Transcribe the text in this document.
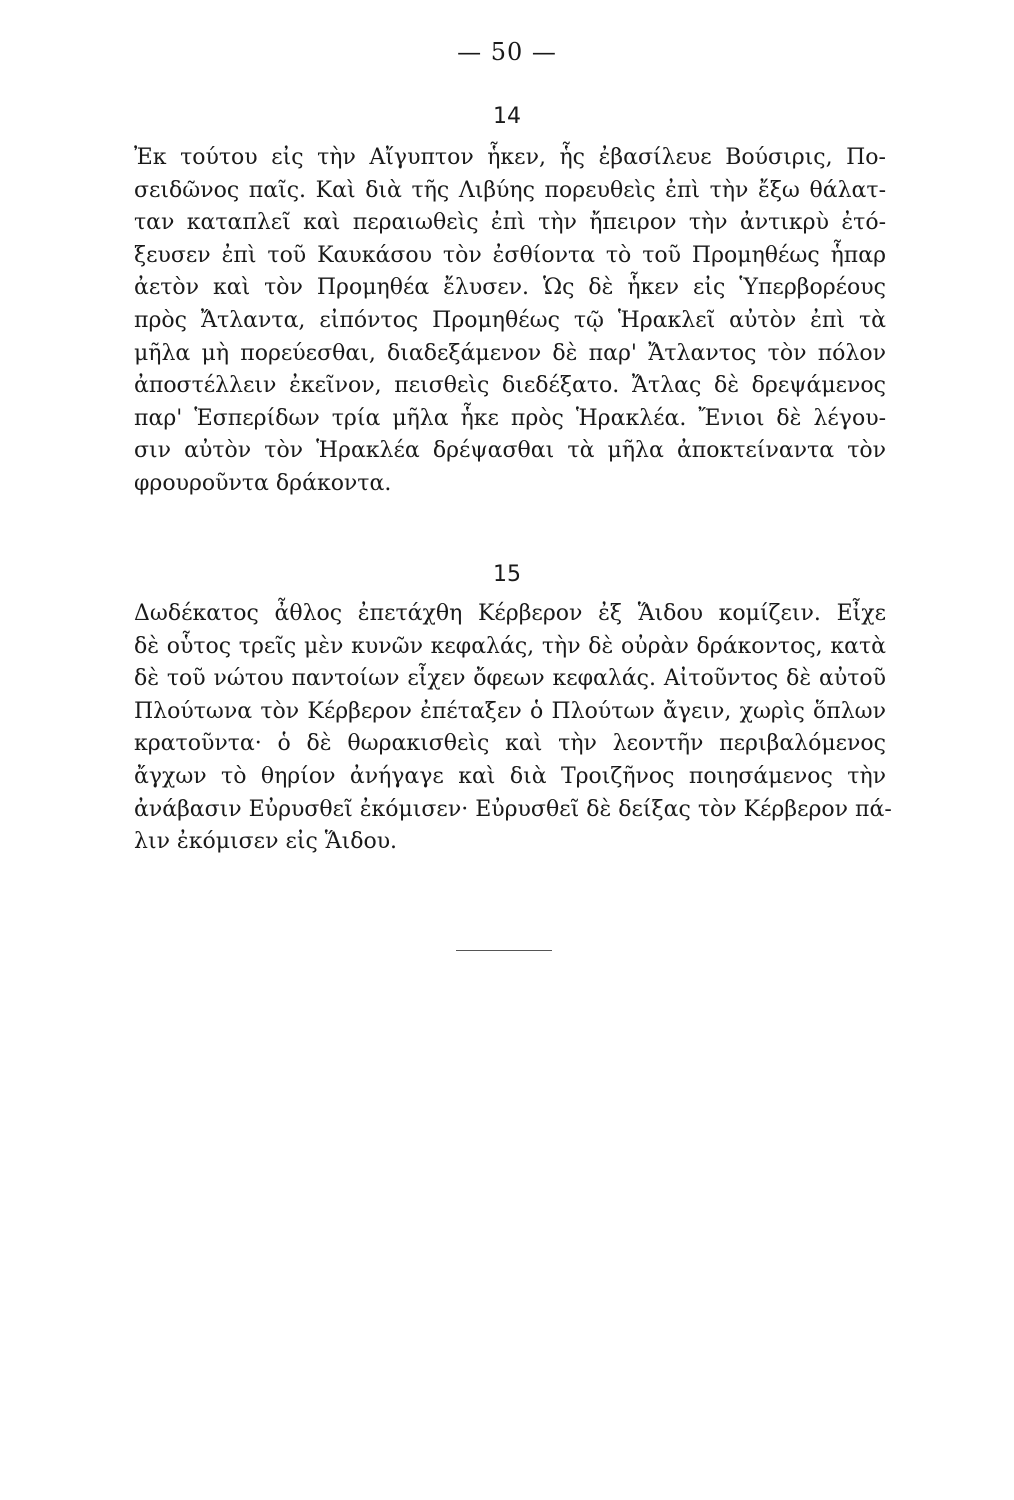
— 50 —
14
Ἐκ τούτου εἰς τὴν Αἴγυπτον ἧκεν, ἧς ἐβασίλευε Βούσιρις, Πο-
σειδῶνος παῖς. Καὶ διὰ τῆς Λιβύης πορευθεὶς ἐπὶ τὴν ἔξω θάλατ-
ταν καταπλεῖ καὶ περαιωθεὶς ἐπὶ τὴν ἤπειρον τὴν ἀντικρὺ ἐτό-
ξευσεν ἐπὶ τοῦ Καυκάσου τὸν ἐσθίοντα τὸ τοῦ Προμηθέως ἧπαρ
ἀετὸν καὶ τὸν Προμηθέα ἔλυσεν. Ὡς δὲ ἧκεν εἰς Ὑπερβορέους
πρὸς Ἄτλαντα, εἰπόντος Προμηθέως τῷ Ἡρακλεῖ αὐτὸν ἐπὶ τὰ
μῆλα μὴ πορεύεσθαι, διαδεξάμενον δὲ παρ' Ἄτλαντος τὸν πόλον
ἀποστέλλειν ἐκεῖνον, πεισθεὶς διεδέξατο. Ἄτλας δὲ δρεψάμενος
παρ' Ἑσπερίδων τρία μῆλα ἧκε πρὸς Ἡρακλέα. Ἔνιοι δὲ λέγου-
σιν αὐτὸν τὸν Ἡρακλέα δρέψασθαι τὰ μῆλα ἀποκτείναντα τὸν
φρουροῦντα δράκοντα.
15
Δωδέκατος ἆθλος ἐπετάχθη Κέρβερον ἐξ Ἅιδου κομίζειν. Εἶχε
δὲ οὗτος τρεῖς μὲν κυνῶν κεφαλάς, τὴν δὲ οὐρὰν δράκοντος, κατὰ
δὲ τοῦ νώτου παντοίων εἶχεν ὄφεων κεφαλάς. Αἰτοῦντος δὲ αὐτοῦ
Πλούτωνα τὸν Κέρβερον ἐπέταξεν ὁ Πλούτων ἄγειν, χωρὶς ὅπλων
κρατοῦντα· ὁ δὲ θωρακισθεὶς καὶ τὴν λεοντῆν περιβαλόμενος
ἄγχων τὸ θηρίον ἀνήγαγε καὶ διὰ Τροιζῆνος ποιησάμενος τὴν
ἀνάβασιν Εὐρυσθεῖ ἐκόμισεν· Εὐρυσθεῖ δὲ δείξας τὸν Κέρβερον πά-
λιν ἐκόμισεν εἰς Ἅιδου.
